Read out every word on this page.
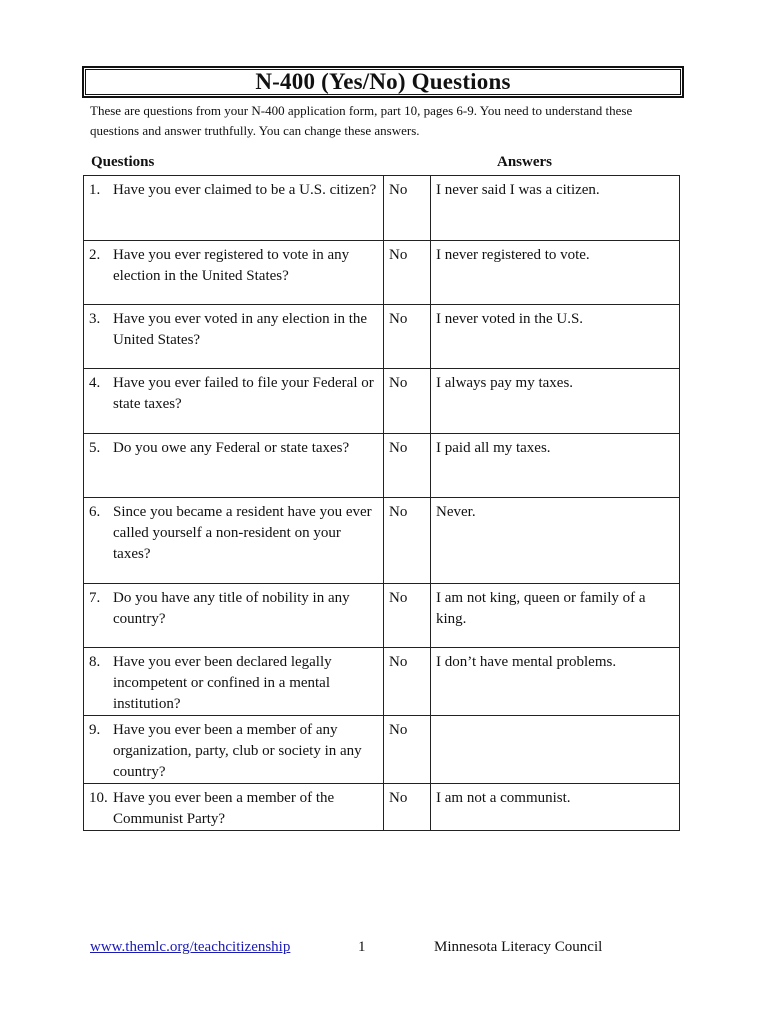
N-400 (Yes/No) Questions
These are questions from your N-400 application form, part 10, pages 6-9. You need to understand these questions and answer truthfully. You can change these answers.
Questions	Answers
1. Have you ever claimed to be a U.S. citizen?	No	I never said I was a citizen.

2. Have you ever registered to vote in any election in the United States?	No	I never registered to vote.

3. Have you ever voted in any election in the United States?	No	I never voted in the U.S.

4. Have you ever failed to file your Federal or state taxes?	No	I always pay my taxes.

5. Do you owe any Federal or state taxes?	No	I paid all my taxes.

6. Since you became a resident have you ever called yourself a non-resident on your taxes?	No	Never.

7. Do you have any title of nobility in any country?	No	I am not king, queen or family of a king.

8. Have you ever been declared legally incompetent or confined in a mental institution?	No	I don’t have mental problems.

9. Have you ever been a member of any organization, party, club or society in any country?	No	

10. Have you ever been a member of the Communist Party?	No	I am not a communist.
www.themlc.org/teachcitizenship	1	Minnesota Literacy Council
